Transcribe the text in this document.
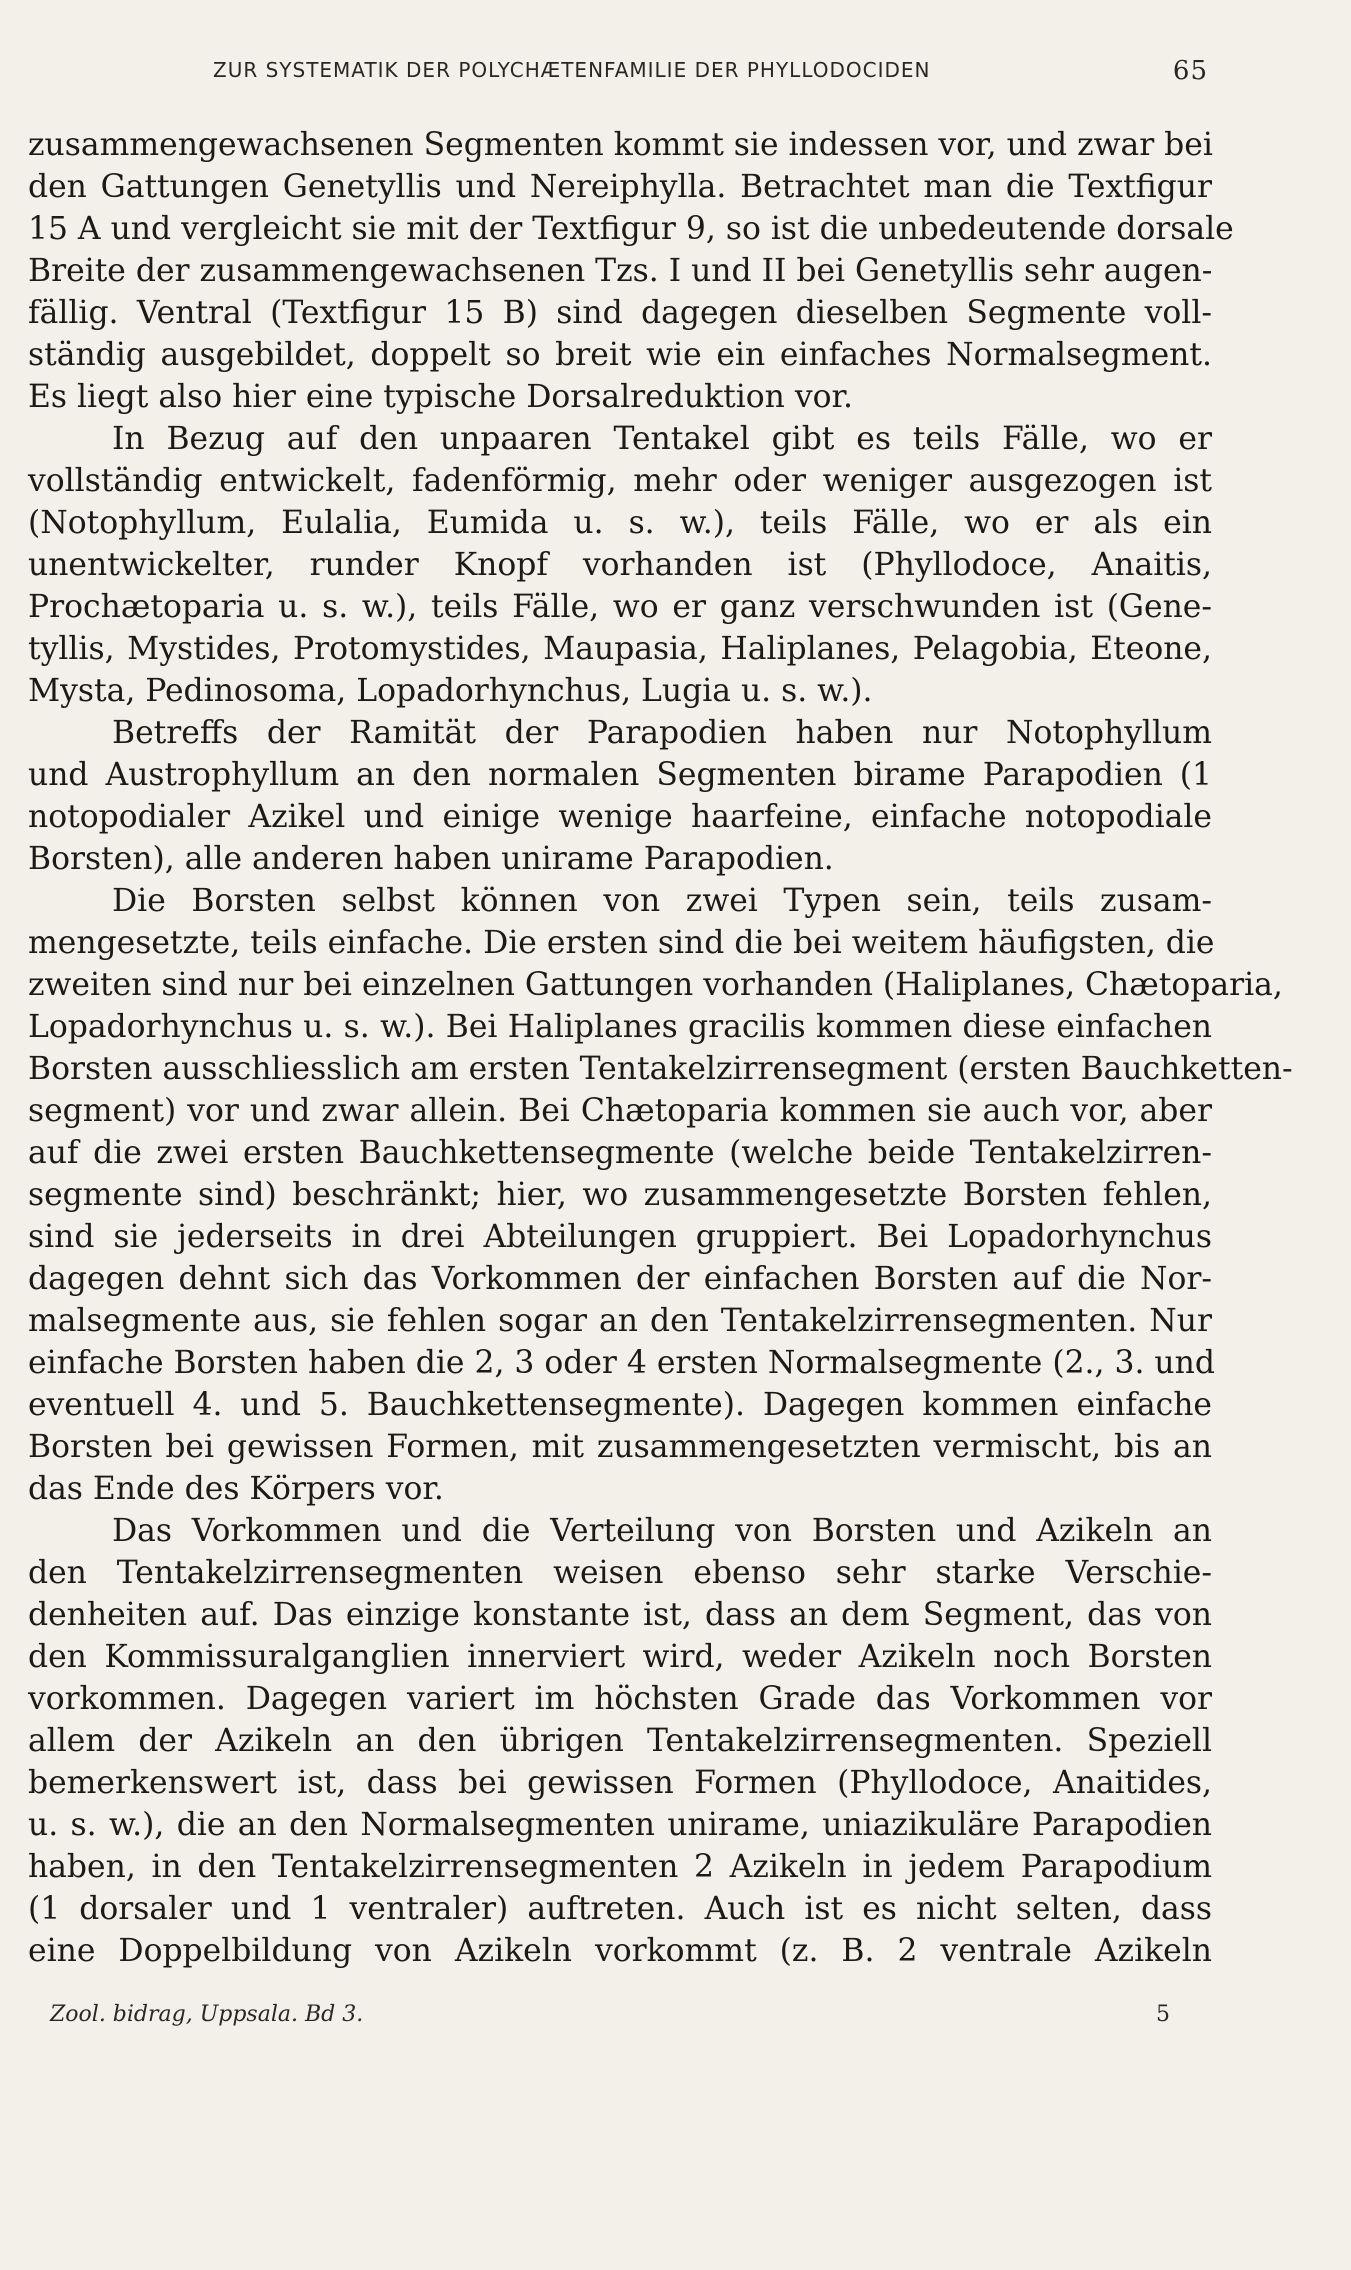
ZUR SYSTEMATIK DER POLYCHÆTENFAMILIE DER PHYLLODOCIDEN	65
zusammengewachsenen Segmenten kommt sie indessen vor, und zwar bei
den Gattungen Genetyllis und Nereiphylla. Betrachtet man die Textfigur
15 A und vergleicht sie mit der Textfigur 9, so ist die unbedeutende dorsale
Breite der zusammengewachsenen Tzs. I und II bei Genetyllis sehr augen-
fällig. Ventral (Textfigur 15 B) sind dagegen dieselben Segmente voll-
ständig ausgebildet, doppelt so breit wie ein einfaches Normalsegment.
Es liegt also hier eine typische Dorsalreduktion vor.
In Bezug auf den unpaaren Tentakel gibt es teils Fälle, wo er
vollständig entwickelt, fadenförmig, mehr oder weniger ausgezogen ist
(Notophyllum, Eulalia, Eumida u. s. w.), teils Fälle, wo er als ein
unentwickelter, runder Knopf vorhanden ist (Phyllodoce, Anaitis,
Prochætoparia u. s. w.), teils Fälle, wo er ganz verschwunden ist (Gene-
tyllis, Mystides, Protomystides, Maupasia, Haliplanes, Pelagobia, Eteone,
Mysta, Pedinosoma, Lopadorhynchus, Lugia u. s. w.).
Betreffs der Ramität der Parapodien haben nur Notophyllum
und Austrophyllum an den normalen Segmenten birame Parapodien (1
notopodialer Azikel und einige wenige haarfeine, einfache notopodiale
Borsten), alle anderen haben unirame Parapodien.
Die Borsten selbst können von zwei Typen sein, teils zusam-
mengesetzte, teils einfache. Die ersten sind die bei weitem häufigsten, die
zweiten sind nur bei einzelnen Gattungen vorhanden (Haliplanes, Chætoparia,
Lopadorhynchus u. s. w.). Bei Haliplanes gracilis kommen diese einfachen
Borsten ausschliesslich am ersten Tentakelzirrensegment (ersten Bauchketten-
segment) vor und zwar allein. Bei Chætoparia kommen sie auch vor, aber
auf die zwei ersten Bauchkettensegmente (welche beide Tentakelzirren-
segmente sind) beschränkt; hier, wo zusammengesetzte Borsten fehlen,
sind sie jederseits in drei Abteilungen gruppiert. Bei Lopadorhynchus
dagegen dehnt sich das Vorkommen der einfachen Borsten auf die Nor-
malsegmente aus, sie fehlen sogar an den Tentakelzirrensegmenten. Nur
einfache Borsten haben die 2, 3 oder 4 ersten Normalsegmente (2., 3. und
eventuell 4. und 5. Bauchkettensegmente). Dagegen kommen einfache
Borsten bei gewissen Formen, mit zusammengesetzten vermischt, bis an
das Ende des Körpers vor.
Das Vorkommen und die Verteilung von Borsten und Azikeln an
den Tentakelzirrensegmenten weisen ebenso sehr starke Verschie-
denheiten auf. Das einzige konstante ist, dass an dem Segment, das von
den Kommissuralganglien innerviert wird, weder Azikeln noch Borsten
vorkommen. Dagegen variert im höchsten Grade das Vorkommen vor
allem der Azikeln an den übrigen Tentakelzirrensegmenten. Speziell
bemerkenswert ist, dass bei gewissen Formen (Phyllodoce, Anaitides,
u. s. w.), die an den Normalsegmenten unirame, uniazikuläre Parapodien
haben, in den Tentakelzirrensegmenten 2 Azikeln in jedem Parapodium
(1 dorsaler und 1 ventraler) auftreten. Auch ist es nicht selten, dass
eine Doppelbildung von Azikeln vorkommt (z. B. 2 ventrale Azikeln
Zool. bidrag, Uppsala. Bd 3.	5
